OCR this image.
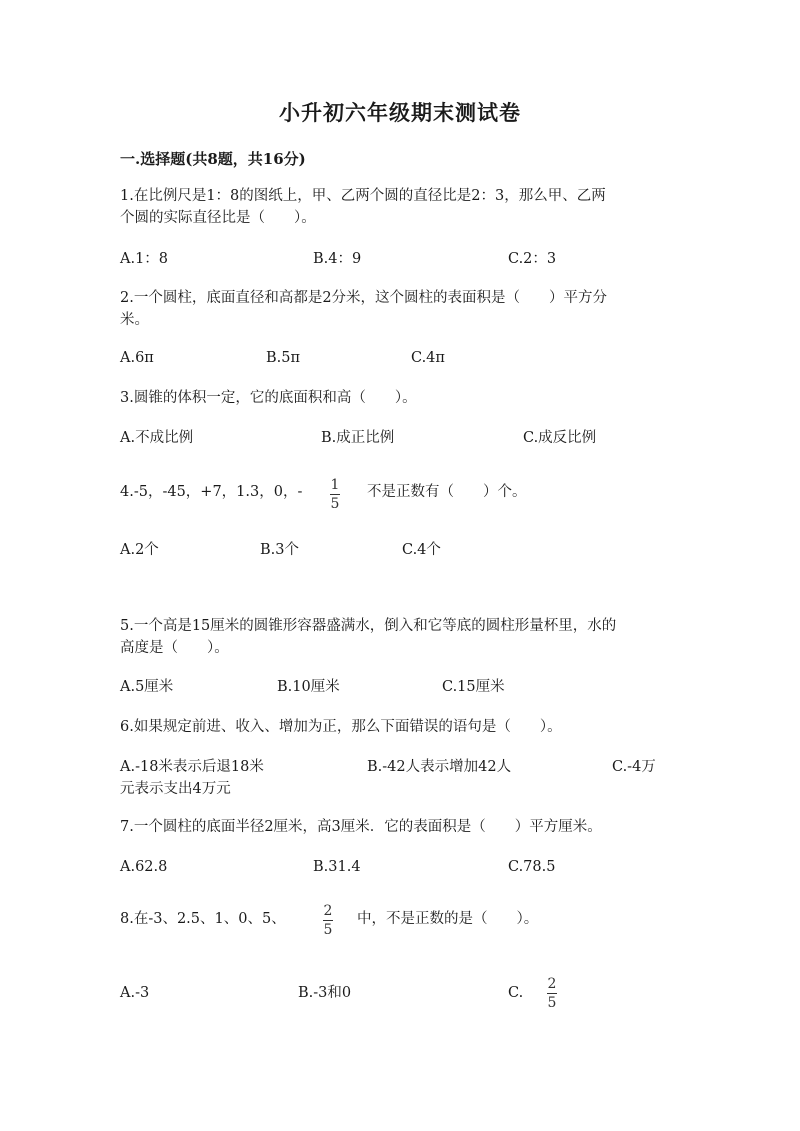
小升初六年级期末测试卷
一.选择题(共8题，共16分)
1.在比例尺是1：8的图纸上，甲、乙两个圆的直径比是2：3，那么甲、乙两
个圆的实际直径比是（　　）。
A.1：8	B.4：9	C.2：3
2.一个圆柱，底面直径和高都是2分米，这个圆柱的表面积是（　　）平方分
米。
A.6π	B.5π	C.4π
3.圆锥的体积一定，它的底面积和高（　　）。
A.不成比例	B.成正比例	C.成反比例
4.-5，-45，+7，1.3，0，- 1
5
不是正数有（　　）个。
A.2个	B.3个	C.4个
5.一个高是15厘米的圆锥形容器盛满水，倒入和它等底的圆柱形量杯里，水的
高度是（　　）。
A.5厘米	B.10厘米	C.15厘米
6.如果规定前进、收入、增加为正，那么下面错误的语句是（　　）。
A.-18米表示后退18米	B.-42人表示增加42人	C.-4万
元表示支出4万元
7.一个圆柱的底面半径2厘米，高3厘米．它的表面积是（　　）平方厘米。
A.62.8	B.31.4	C.78.5
8.在-3、2.5、1、0、5、	2
5
中，不是正数的是（　　）。
A.-3	B.-3和0	C.
2
5
